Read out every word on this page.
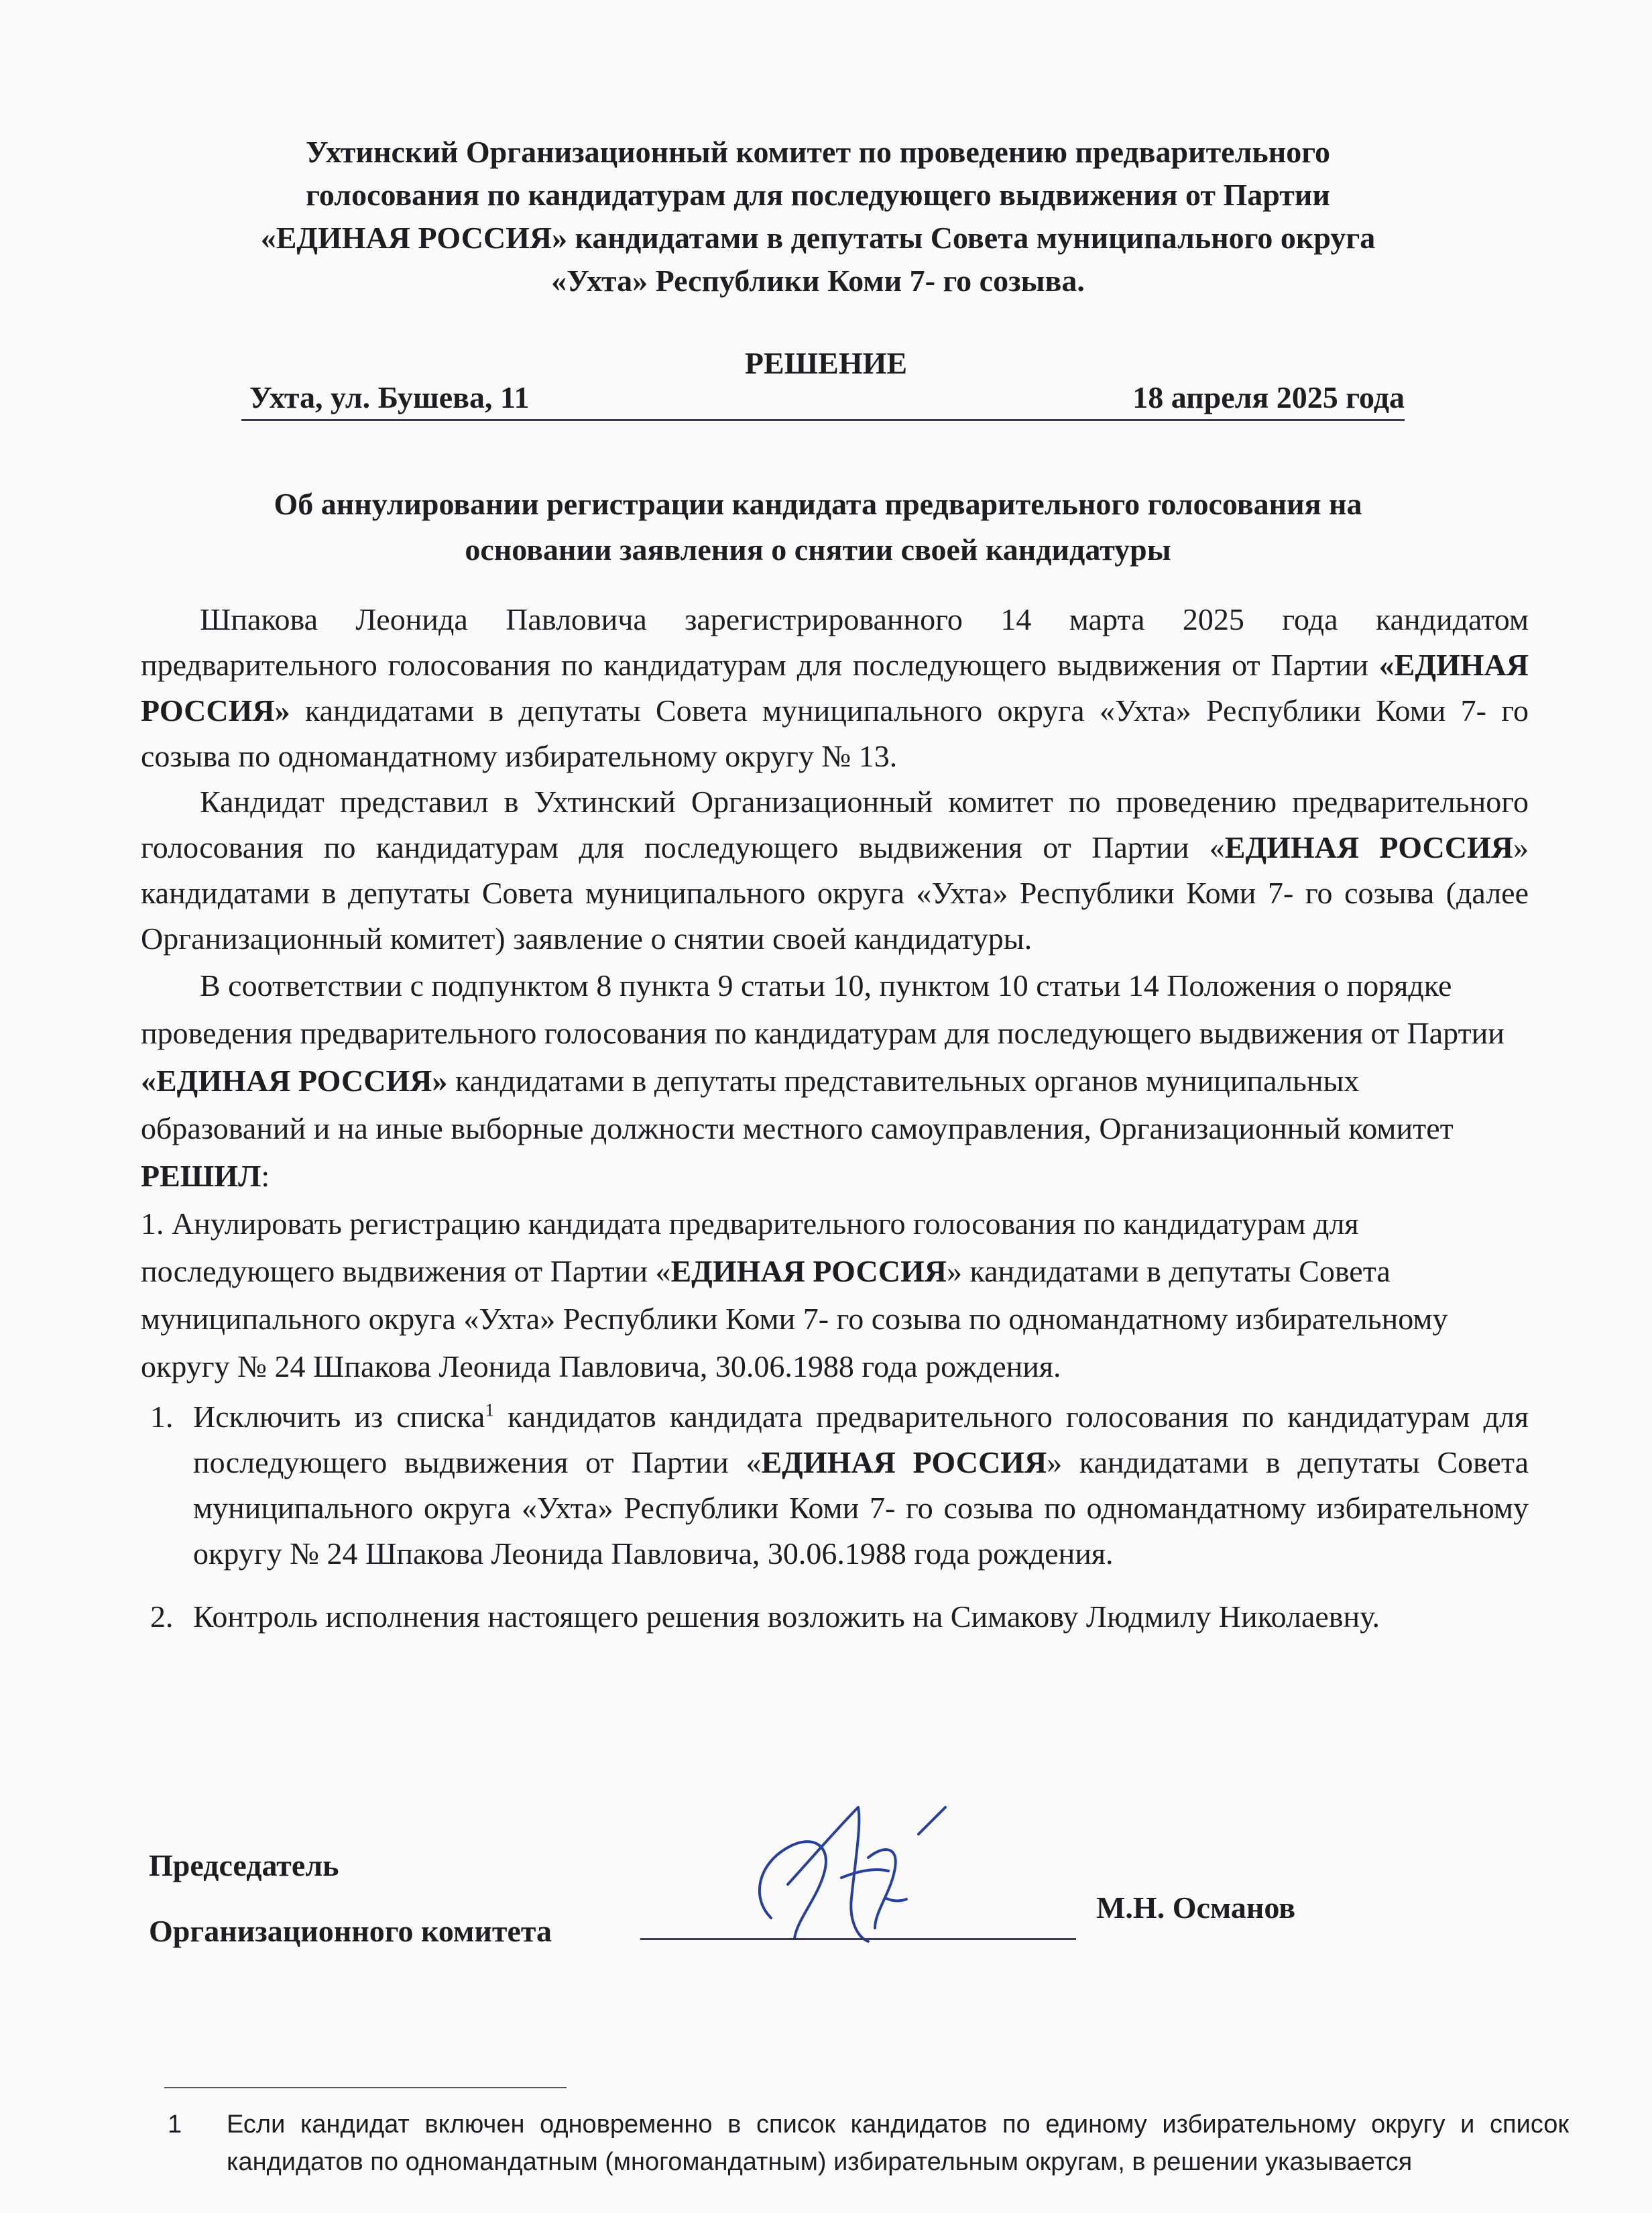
Ухтинский Организационный комитет по проведению предварительного
голосования по кандидатурам для последующего выдвижения от Партии
«ЕДИНАЯ РОССИЯ» кандидатами в депутаты Совета муниципального округа
«Ухта» Республики Коми 7- го созыва.
РЕШЕНИЕ
Ухта, ул. Бушева, 11	18 апреля 2025 года
Об аннулировании регистрации кандидата предварительного голосования на
основании заявления о снятии своей кандидатуры

Шпакова Леонида Павловича зарегистрированного 14 марта 2025 года кандидатом предварительного голосования по кандидатурам для последующего выдвижения от Партии «ЕДИНАЯ РОССИЯ» кандидатами в депутаты Совета муниципального округа «Ухта» Республики Коми 7- го созыва по одномандатному избирательному округу № 13.

Кандидат представил в Ухтинский Организационный комитет по проведению предварительного голосования по кандидатурам для последующего выдвижения от Партии «ЕДИНАЯ РОССИЯ» кандидатами в депутаты Совета муниципального округа «Ухта» Республики Коми 7- го созыва (далее Организационный комитет) заявление о снятии своей кандидатуры.

В соответствии с подпунктом 8 пункта 9 статьи 10, пунктом 10 статьи 14 Положения о порядке проведения предварительного голосования по кандидатурам для последующего выдвижения от Партии «ЕДИНАЯ РОССИЯ» кандидатами в депутаты представительных органов муниципальных образований и на иные выборные должности местного самоуправления, Организационный комитет РЕШИЛ:

1. Анулировать регистрацию кандидата предварительного голосования по кандидатурам для последующего выдвижения от Партии «ЕДИНАЯ РОССИЯ» кандидатами в депутаты Совета муниципального округа «Ухта» Республики Коми 7- го созыва по одномандатному избирательному округу № 24 Шпакова Леонида Павловича, 30.06.1988 года рождения.

1. Исключить из списка$^1$ кандидатов кандидата предварительного голосования по кандидатурам для последующего выдвижения от Партии «ЕДИНАЯ РОССИЯ» кандидатами в депутаты Совета муниципального округа «Ухта» Республики Коми 7- го созыва по одномандатному избирательному округу № 24 Шпакова Леонида Павловича, 30.06.1988 года рождения.
2. Контроль исполнения настоящего решения возложить на Симакову Людмилу Николаевну.
Председатель
Организационного комитета
М.Н. Османов
1	Если кандидат включен одновременно в список кандидатов по единому избирательному округу и список кандидатов по одномандатным (многомандатным) избирательным округам, в решении указывается
